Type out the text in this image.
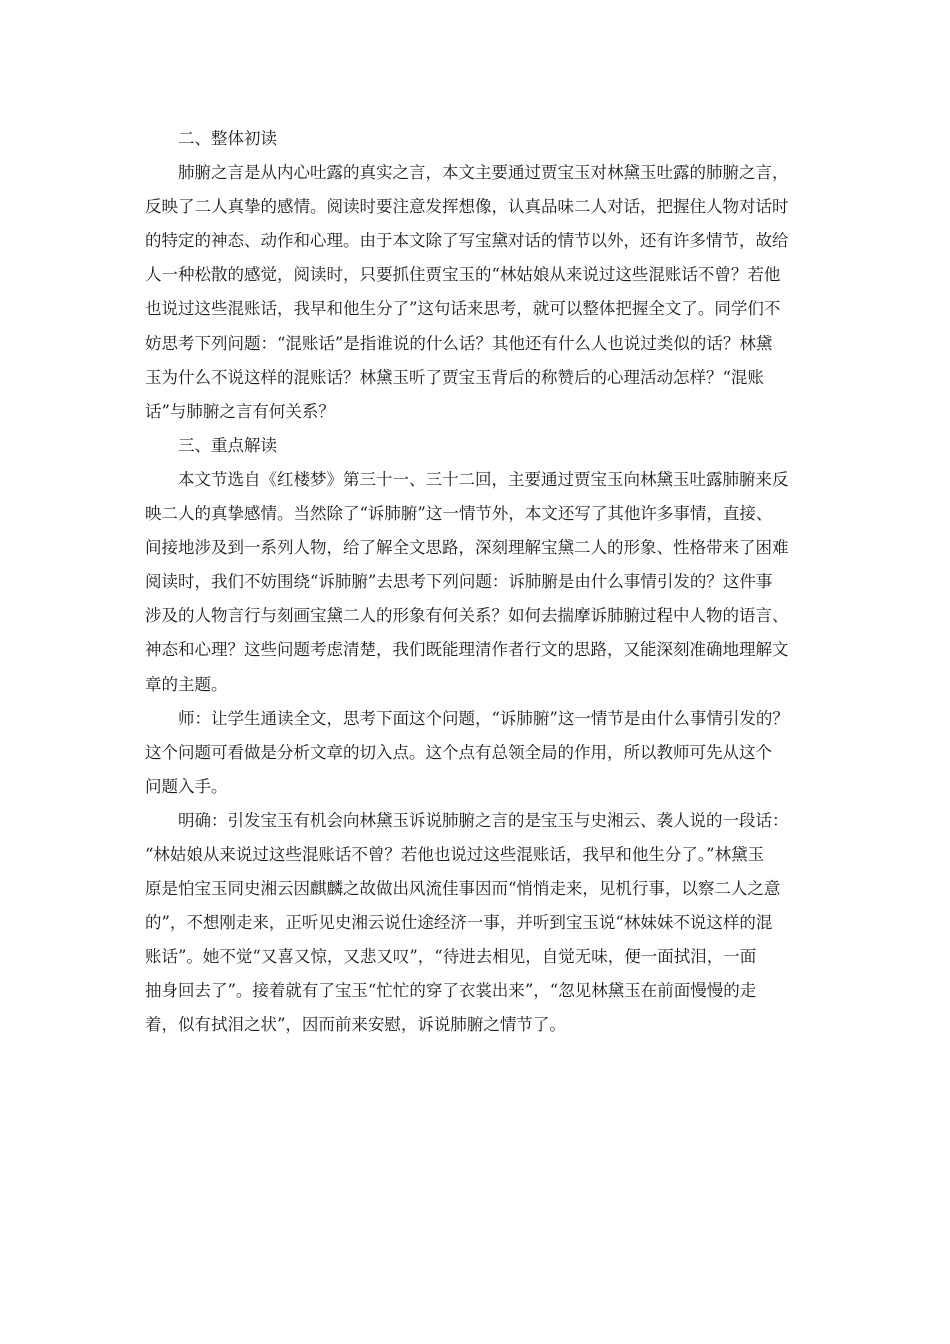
二、整体初读
肺腑之言是从内心吐露的真实之言，本文主要通过贾宝玉对林黛玉吐露的肺腑之言，
反映了二人真挚的感情。阅读时要注意发挥想像，认真品味二人对话，把握住人物对话时
的特定的神态、动作和心理。由于本文除了写宝黛对话的情节以外，还有许多情节，故给
人一种松散的感觉，阅读时，只要抓住贾宝玉的“林姑娘从来说过这些混账话不曾？若他
也说过这些混账话，我早和他生分了”这句话来思考，就可以整体把握全文了。同学们不
妨思考下列问题：“混账话”是指谁说的什么话？其他还有什么人也说过类似的话？林黛
玉为什么不说这样的混账话？林黛玉听了贾宝玉背后的称赞后的心理活动怎样？“混账
话”与肺腑之言有何关系？
三、重点解读
本文节选自《红楼梦》第三十一、三十二回，主要通过贾宝玉向林黛玉吐露肺腑来反
映二人的真挚感情。当然除了“诉肺腑”这一情节外，本文还写了其他许多事情，直接、
间接地涉及到一系列人物，给了解全文思路，深刻理解宝黛二人的形象、性格带来了困难
阅读时，我们不妨围绕“诉肺腑”去思考下列问题：诉肺腑是由什么事情引发的？这件事
涉及的人物言行与刻画宝黛二人的形象有何关系？如何去揣摩诉肺腑过程中人物的语言、
神态和心理？这些问题考虑清楚，我们既能理清作者行文的思路，又能深刻准确地理解文
章的主题。
师：让学生通读全文，思考下面这个问题，“诉肺腑”这一情节是由什么事情引发的？
这个问题可看做是分析文章的切入点。这个点有总领全局的作用，所以教师可先从这个
问题入手。
明确：引发宝玉有机会向林黛玉诉说肺腑之言的是宝玉与史湘云、袭人说的一段话：
“林姑娘从来说过这些混账话不曾？若他也说过这些混账话，我早和他生分了。”林黛玉
原是怕宝玉同史湘云因麒麟之故做出风流佳事因而“悄悄走来，见机行事，以察二人之意
的”，不想刚走来，正听见史湘云说仕途经济一事，并听到宝玉说“林妹妹不说这样的混
账话”。她不觉“又喜又惊，又悲又叹”，“待进去相见，自觉无味，便一面拭泪，一面
抽身回去了”。接着就有了宝玉“忙忙的穿了衣裳出来”，“忽见林黛玉在前面慢慢的走
着，似有拭泪之状”，因而前来安慰，诉说肺腑之情节了。
